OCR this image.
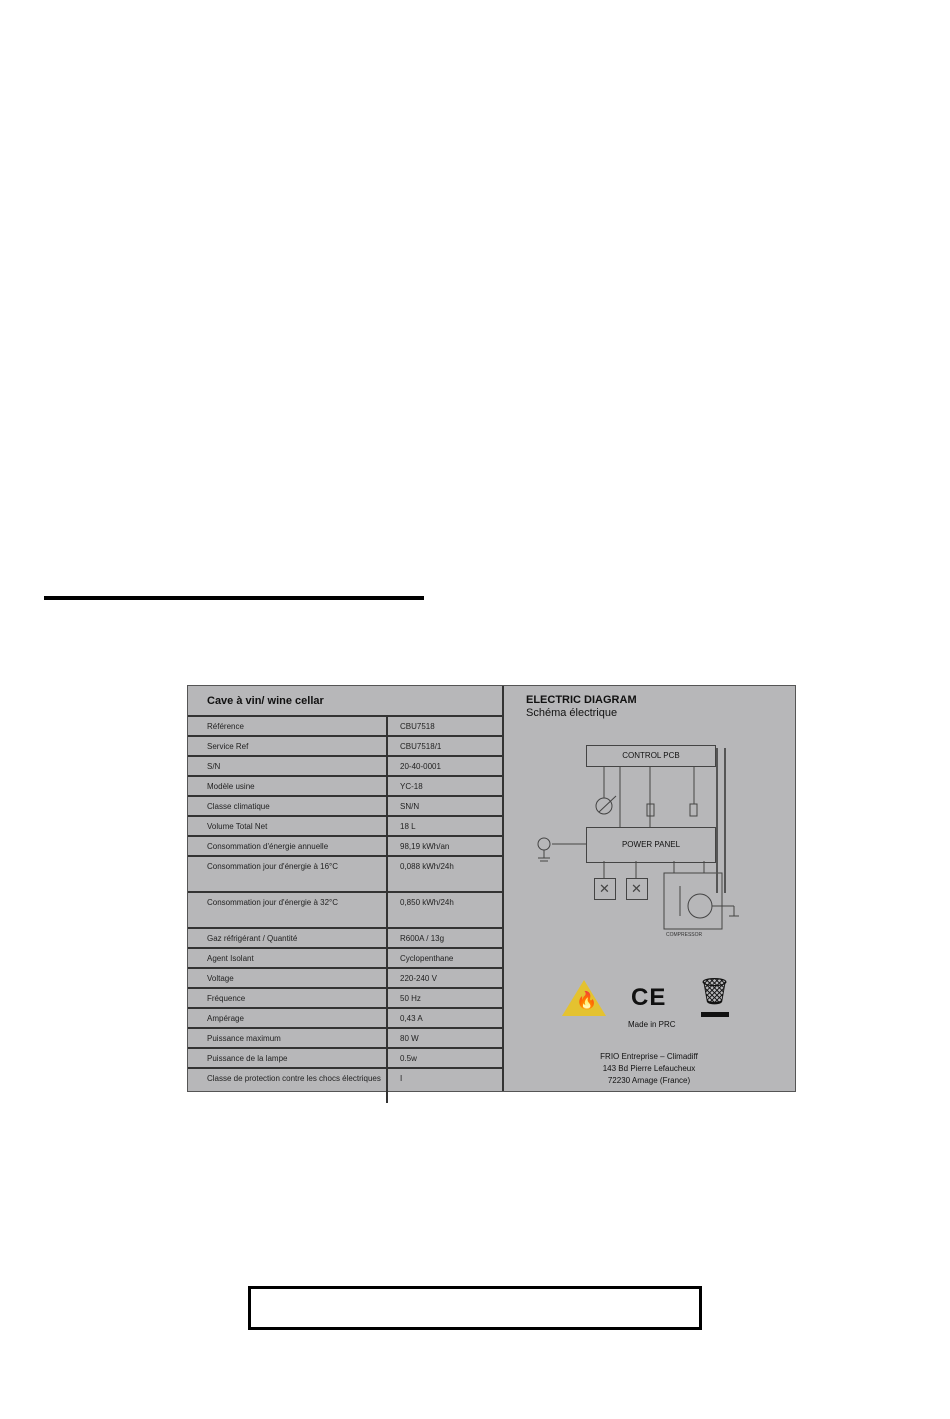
Cave à vin/ wine cellar
Référence	CBU7518
Service Ref	CBU7518/1
S/N	20-40-0001
Modèle usine	YC-18
Classe climatique	SN/N
Volume Total Net	18 L
Consommation d'énergie annuelle	98,19 kWh/an
Consommation jour d'énergie à 16°C	0,088 kWh/24h
Consommation jour d'énergie à 32°C	0,850 kWh/24h
Gaz réfrigérant / Quantité	R600A / 13g
Agent Isolant	Cyclopenthane
Voltage	220-240 V
Fréquence	50 Hz
Ampérage	0,43 A
Puissance maximum	80 W
Puissance de la lampe	0.5w
Classe de protection contre les chocs électriques	I
ELECTRIC DIAGRAM
Schéma électrique
CONTROL PCB
POWER PANEL
✕
✕
COMPRESSOR
🔥 CE
Made in PRC
🗑
FRIO Entreprise – Climadiff
143 Bd Pierre Lefaucheux
72230 Arnage (France)
